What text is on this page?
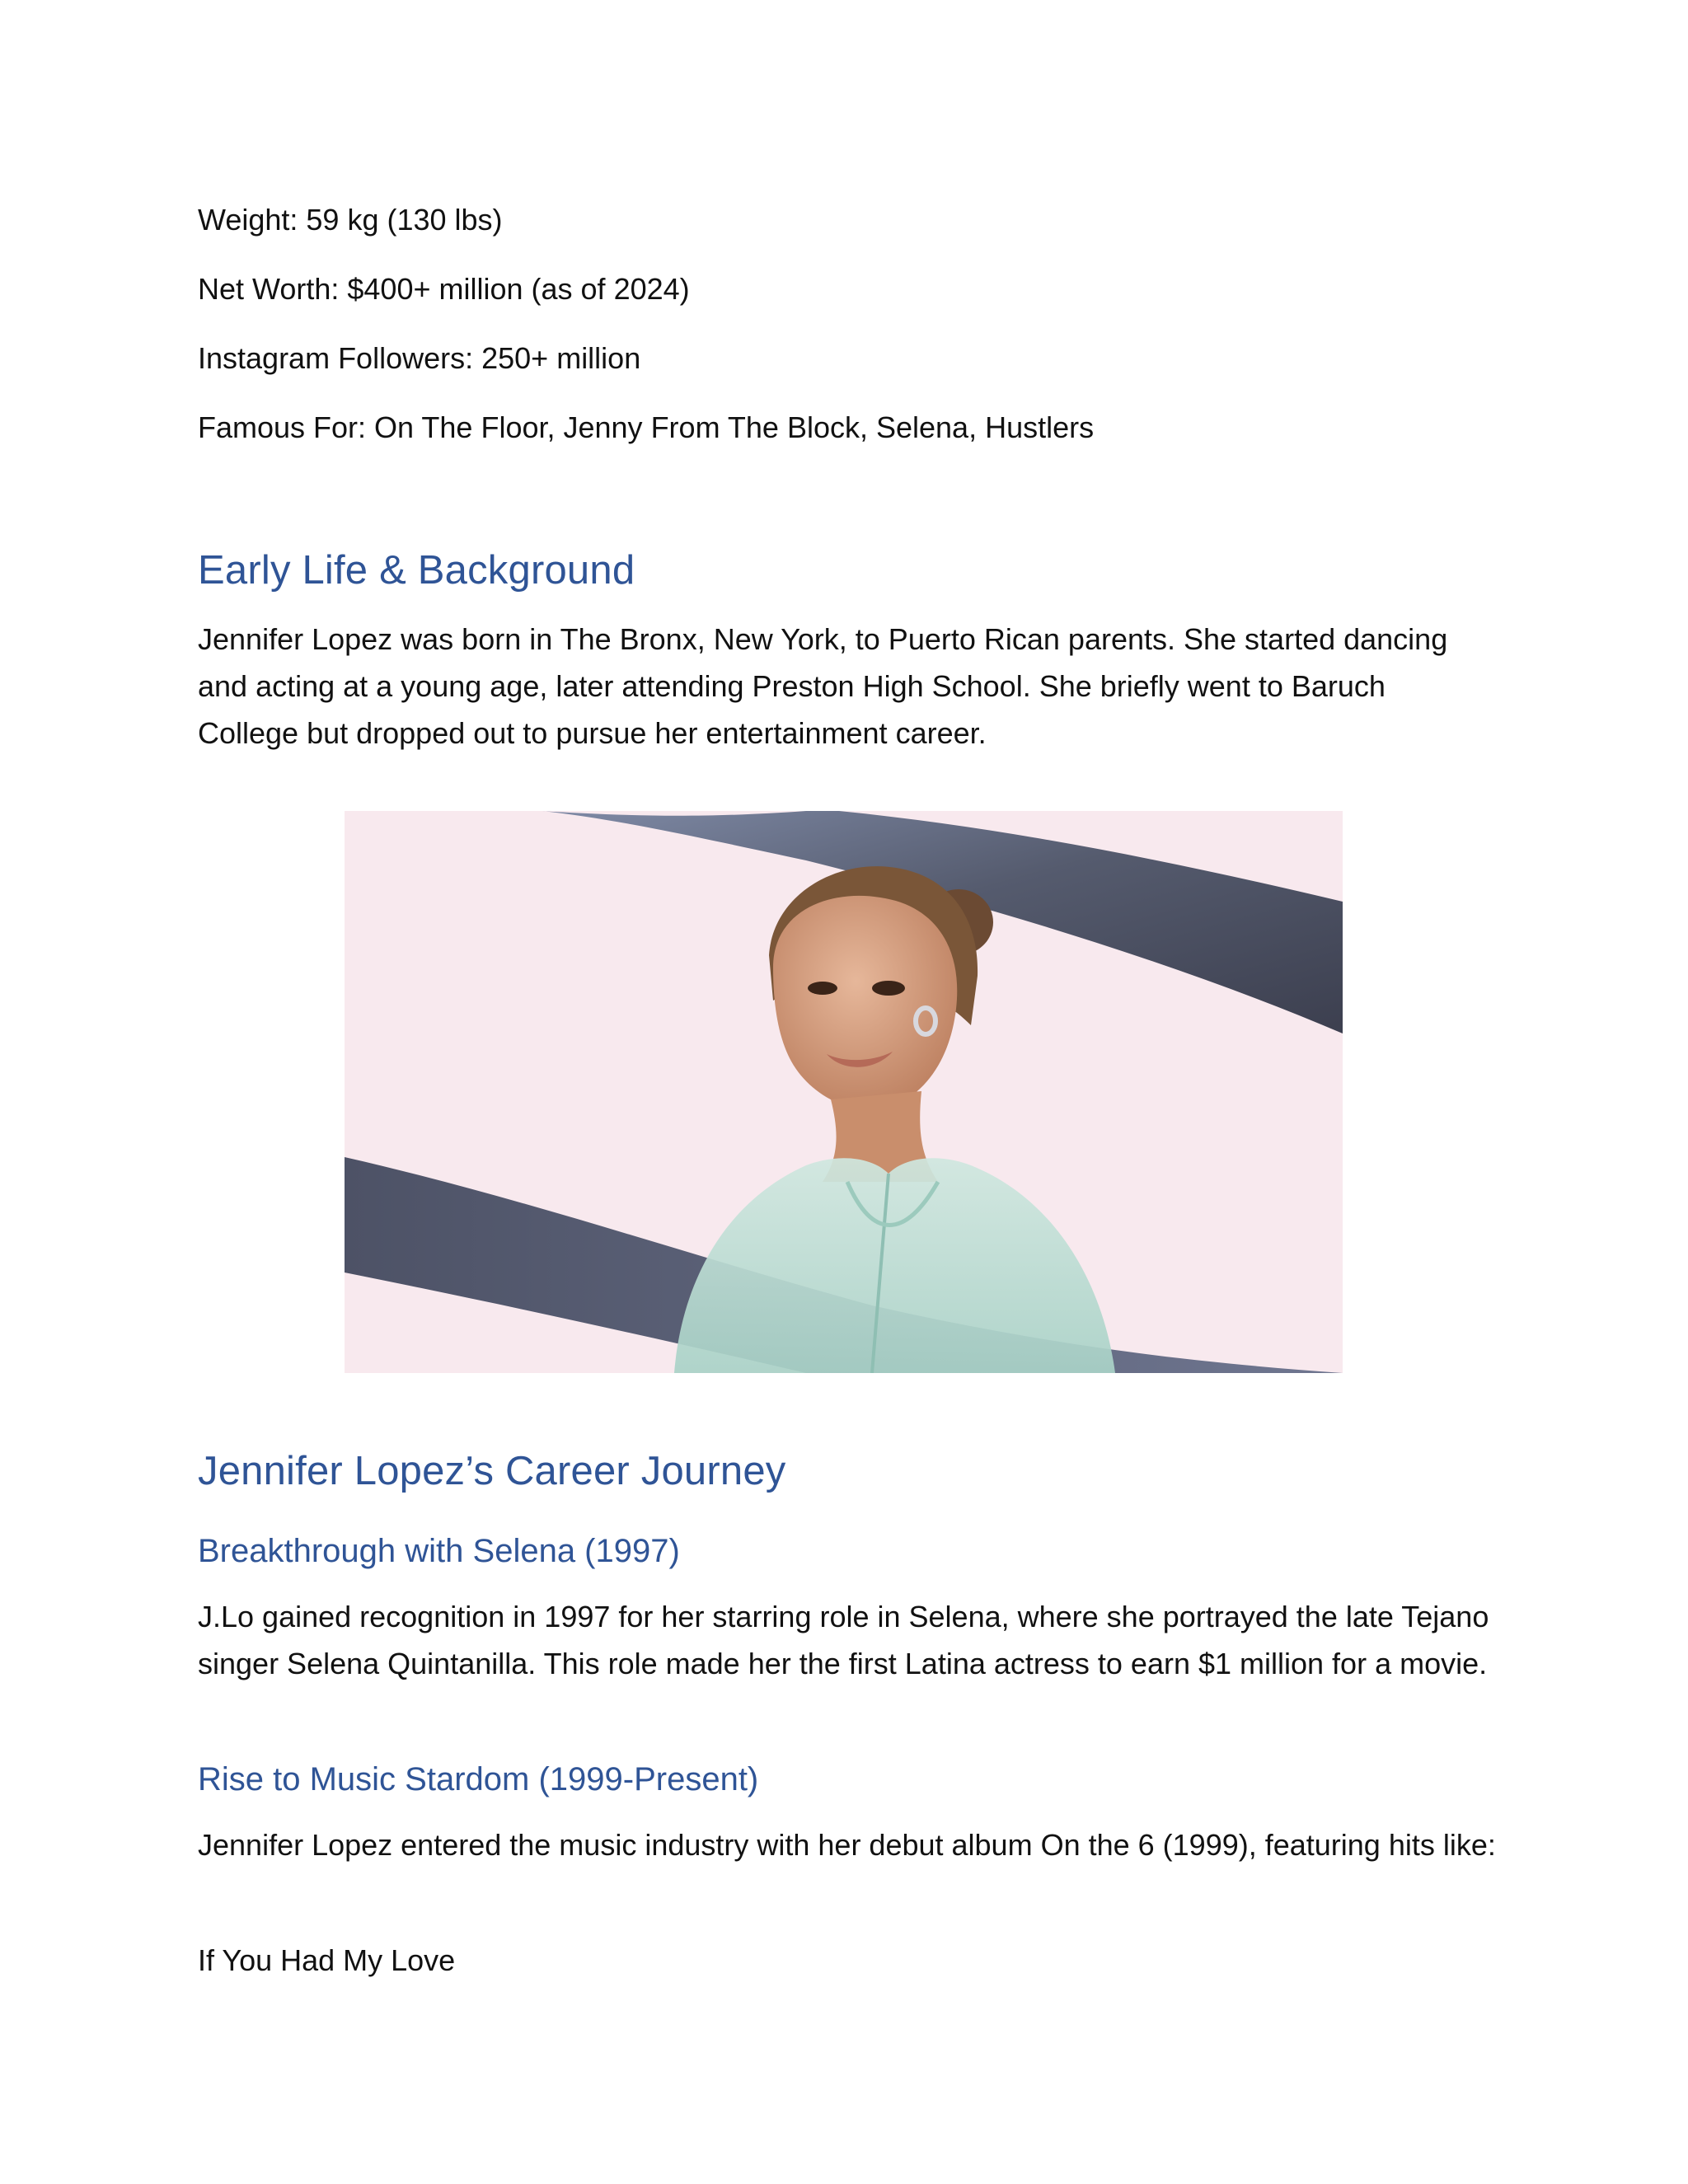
Weight: 59 kg (130 lbs)

Net Worth: $400+ million (as of 2024)

Instagram Followers: 250+ million

Famous For: On The Floor, Jenny From The Block, Selena, Hustlers

Early Life & Background

Jennifer Lopez was born in The Bronx, New York, to Puerto Rican parents. She started dancing and acting at a young age, later attending Preston High School. She briefly went to Baruch College but dropped out to pursue her entertainment career.

Jennifer Lopez’s Career Journey
Breakthrough with Selena (1997)

J.Lo gained recognition in 1997 for her starring role in Selena, where she portrayed the late Tejano singer Selena Quintanilla. This role made her the first Latina actress to earn $1 million for a movie.

Rise to Music Stardom (1999-Present)

Jennifer Lopez entered the music industry with her debut album On the 6 (1999), featuring hits like:

If You Had My Love
